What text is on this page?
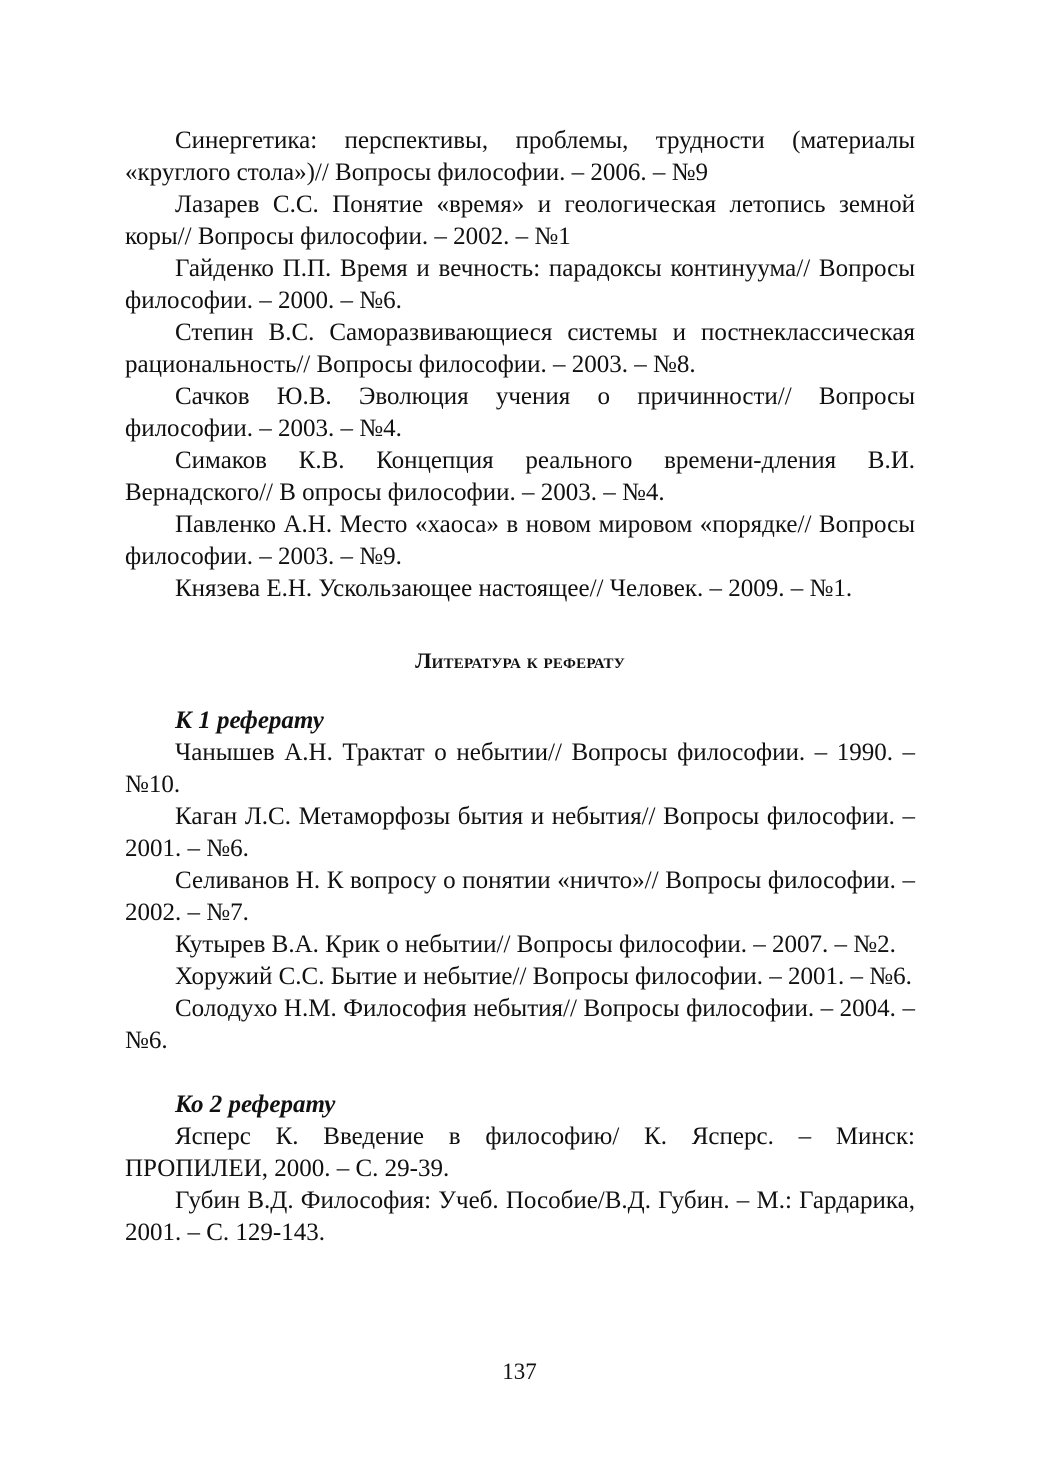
Синергетика: перспективы, проблемы, трудности (материалы «круглого стола»)// Вопросы философии. – 2006. – №9

Лазарев С.С. Понятие «время» и геологическая летопись земной коры// Вопросы философии. – 2002. – №1

Гайденко П.П. Время и вечность: парадоксы континуума// Вопросы философии. – 2000. – №6.

Степин В.С. Саморазвивающиеся системы и постнеклассическая рациональность// Вопросы философии. – 2003. – №8.

Сачков Ю.В. Эволюция учения о причинности// Вопросы философии. – 2003. – №4.

Симаков К.В. Концепция реального времени-дления В.И. Вернадского// В опросы философии. – 2003. – №4.

Павленко А.Н. Место «хаоса» в новом мировом «порядке// Вопросы философии. – 2003. – №9.

Князева Е.Н. Ускользающее настоящее// Человек. – 2009. – №1.

Литература к реферату

К 1 реферату

Чанышев А.Н. Трактат о небытии// Вопросы философии. – 1990. – №10.

Каган Л.С. Метаморфозы бытия и небытия// Вопросы философии. – 2001. – №6.

Селиванов Н. К вопросу о понятии «ничто»// Вопросы философии. – 2002. – №7.

Кутырев В.А. Крик о небытии// Вопросы философии. – 2007. – №2.

Хоружий С.С. Бытие и небытие// Вопросы философии. – 2001. – №6.

Солодухо Н.М. Философия небытия// Вопросы философии. – 2004. – №6.

Ко 2 реферату

Ясперс К. Введение в философию/ К. Ясперс. – Минск: ПРОПИЛЕИ, 2000. – С. 29-39.

Губин В.Д. Философия: Учеб. Пособие/В.Д. Губин. – М.: Гардарика, 2001. – С. 129-143.

137
